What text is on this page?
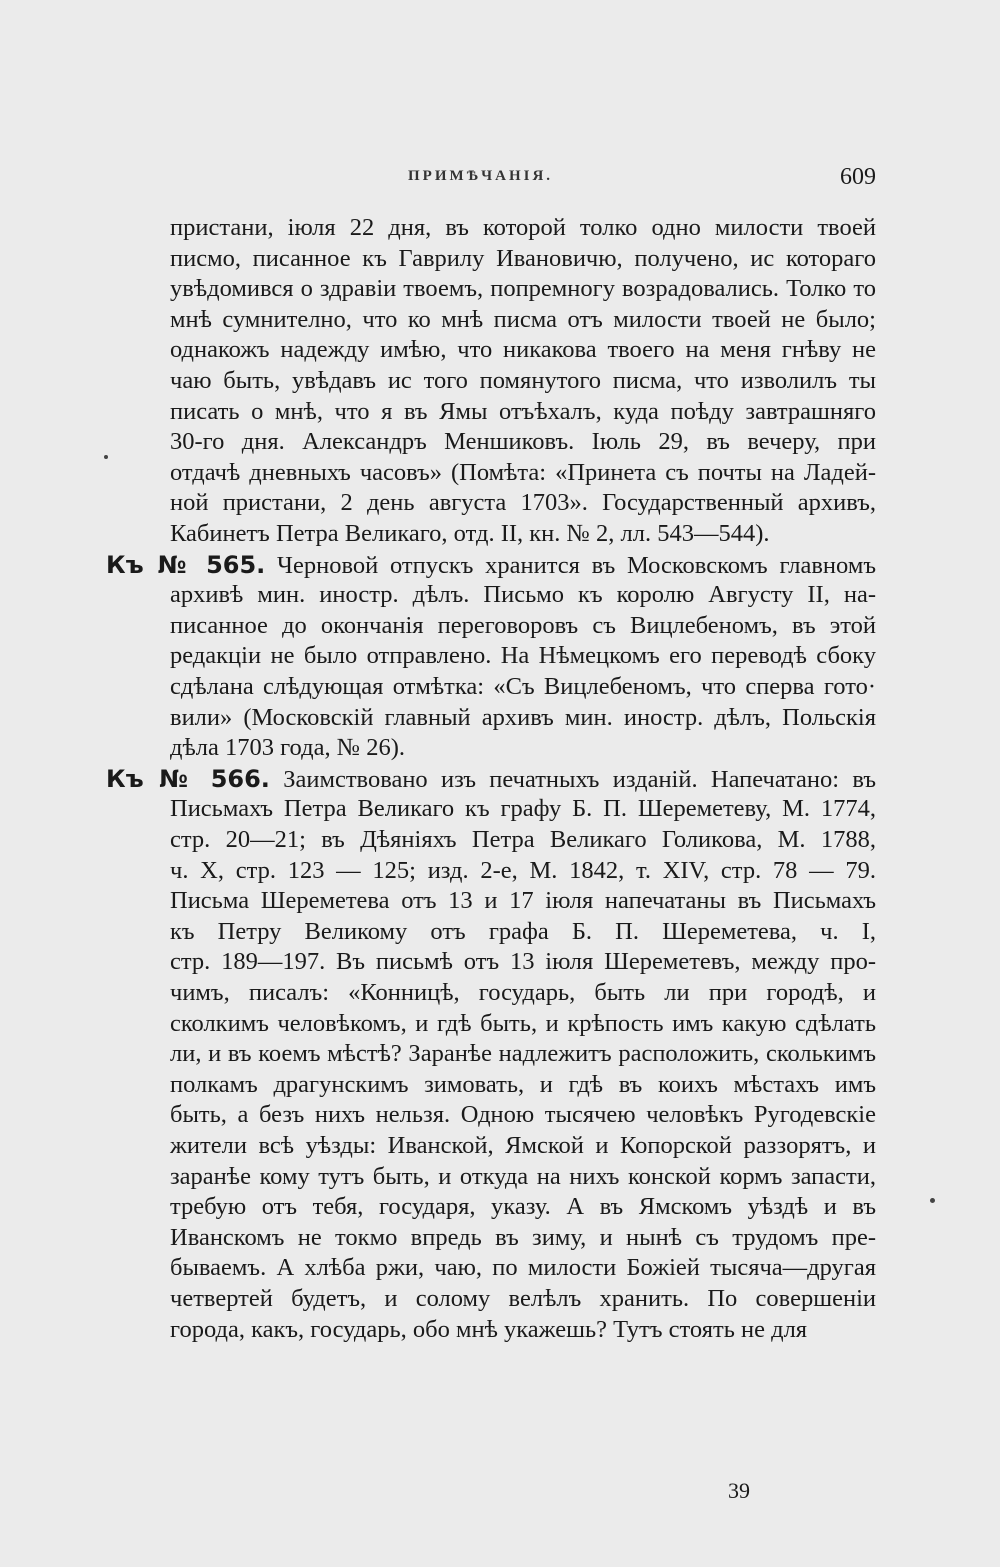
ПРИМѢЧАНІЯ.	609
пристани, іюля 22 дня, въ которой толко одно милости твоей
писмо, писанное къ Гаврилу Ивановичю, получено, ис котораго
увѣдомився о здравіи твоемъ, попремногу возрадовались. Толко то
мнѣ сумнително, что ко мнѣ писма отъ милости твоей не было;
однакожъ надежду имѣю, что никакова твоего на меня гнѣву не
чаю быть, увѣдавъ ис того помянутого писма, что изволилъ ты
писать о мнѣ, что я въ Ямы отъѣхалъ, куда поѣду завтрашняго
30-го дня. Александръ Меншиковъ. Іюль 29, въ вечеру, при
отдачѣ дневныхъ часовъ» (Помѣта: «Принета съ почты на Ладей-
ной пристани, 2 день августа 1703». Государственный архивъ,
Кабинетъ Петра Великаго, отд. II, кн. № 2, лл. 543—544).
Къ № 565. Черновой отпускъ хранится въ Московскомъ главномъ
архивѣ мин. иностр. дѣлъ. Письмо къ королю Августу II, на-
писанное до окончанія переговоровъ съ Вицлебеномъ, въ этой
редакціи не было отправлено. На Нѣмецкомъ его переводѣ сбоку
сдѣлана слѣдующая отмѣтка: «Съ Вицлебеномъ, что сперва гото·
вили» (Московскій главный архивъ мин. иностр. дѣлъ, Польскія
дѣла 1703 года, № 26).
Къ № 566. Заимствовано изъ печатныхъ изданій. Напечатано: въ
Письмахъ Петра Великаго къ графу Б. П. Шереметеву, М. 1774,
стр. 20—21; въ Дѣяніяхъ Петра Великаго Голикова, М. 1788,
ч. X, стр. 123 — 125; изд. 2-е, М. 1842, т. XIV, стр. 78 — 79.
Письма Шереметева отъ 13 и 17 іюля напечатаны въ Письмахъ
къ Петру Великому отъ графа Б. П. Шереметева, ч. I,
стр. 189—197. Въ письмѣ отъ 13 іюля Шереметевъ, между про-
чимъ, писалъ: «Конницѣ, государь, быть ли при городѣ, и
сколкимъ человѣкомъ, и гдѣ быть, и крѣпость имъ какую сдѣлать
ли, и въ коемъ мѣстѣ? Заранѣе надлежитъ расположить, сколькимъ
полкамъ драгунскимъ зимовать, и гдѣ въ коихъ мѣстахъ имъ
быть, а безъ нихъ нельзя. Одною тысячею человѣкъ Ругодевскіе
жители всѣ уѣзды: Иванской, Ямской и Копорской раззорятъ, и
заранѣе кому тутъ быть, и откуда на нихъ конской кормъ запасти,
требую отъ тебя, государя, указу. А въ Ямскомъ уѣздѣ и въ
Иванскомъ не токмо впредь въ зиму, и нынѣ съ трудомъ пре-
бываемъ. А хлѣба ржи, чаю, по милости Божіей тысяча—другая
четвертей будетъ, и солому велѣлъ хранить. По совершеніи
города, какъ, государь, обо мнѣ укажешь? Тутъ стоять не для
39
